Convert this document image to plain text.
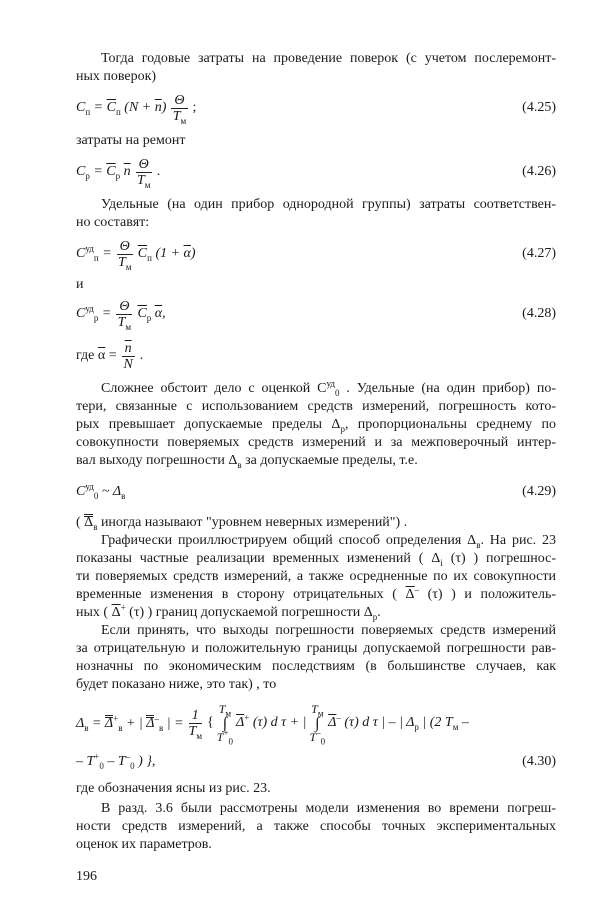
Тогда годовые затраты на проведение поверок (с учетом послеремонт-
ных поверок)
$C_п = \overline{C}_п$ $(N + \overline{n}) \frac{\Theta}{T_м}$ ;	(4.25)
затраты на ремонт
$C_р = \overline{C}_р$ $\overline{n} \frac{\Theta}{T_м}$ .	(4.26)
Удельные (на один прибор однородной группы) затраты соответствен-
но составят:
$C^{уд}_п = \frac{\Theta}{T_м} \overline{C}_п$ $(1 + \overline{\alpha})$	(4.27)
и
$C^{уд}_р = \frac{\Theta}{T_м} \overline{C}_р$ $\overline{\alpha}$,	(4.28)
где $\overline{\alpha} = \frac{\overline{n}}{N}$ .
Сложнее обстоит дело с оценкой $C^{уд}_0$ . Удельные (на один прибор) по-
тери, связанные с использованием средств измерений, погрешность кото-
рых превышает допускаемые пределы $\Delta_р$, пропорциональны среднему по
совокупности поверяемых средств измерений и за межповерочный интер-
вал выходу погрешности $\Delta_в$ за допускаемые пределы, т.е.
$C^{уд}_0$ ~ $\Delta_в$	(4.29)
( $\Delta_в$ иногда называют "уровнем неверных измерений") .
Графически проиллюстрируем общий способ определения $\Delta_в$. На рис. 23
показаны частные реализации временных изменений ( $\Delta_i$ (τ) ) погрешнос-
ти поверяемых средств измерений, а также осредненные по их совокупности
временные изменения в сторону отрицательных ( $\overline{\Delta}^-$ (τ) ) и положитель-
ных ( $\overline{\Delta}^+$ (τ) ) границ допускаемой погрешности $\Delta_р$.
Если принять, что выходы погрешности поверяемых средств измерений
за отрицательную и положительную границы допускаемой погрешности рав-
нозначны по экономическим последствиям (в большинстве случаев, как
будет показано ниже, это так) , то
$\Delta_в = \Delta^+_в$ + | $\Delta^-_в$ | = $\frac{1}{T_м}$ {
$T_м$
∫
$T^+_0$
$\overline{\Delta}^+$ (τ) d τ + |
$T_м$
∫
$T^-_0$
$\overline{\Delta}^-$ (τ) d τ | – | $\Delta_р$ | (2 $T_м$ –
– $T^+_0 - T^-_0$ ) },	(4.30)
где обозначения ясны из рис. 23.
В разд. 3.6 были рассмотрены модели изменения во времени погреш-
ности средств измерений, а также способы точных экспериментальных
оценок их параметров.
196
